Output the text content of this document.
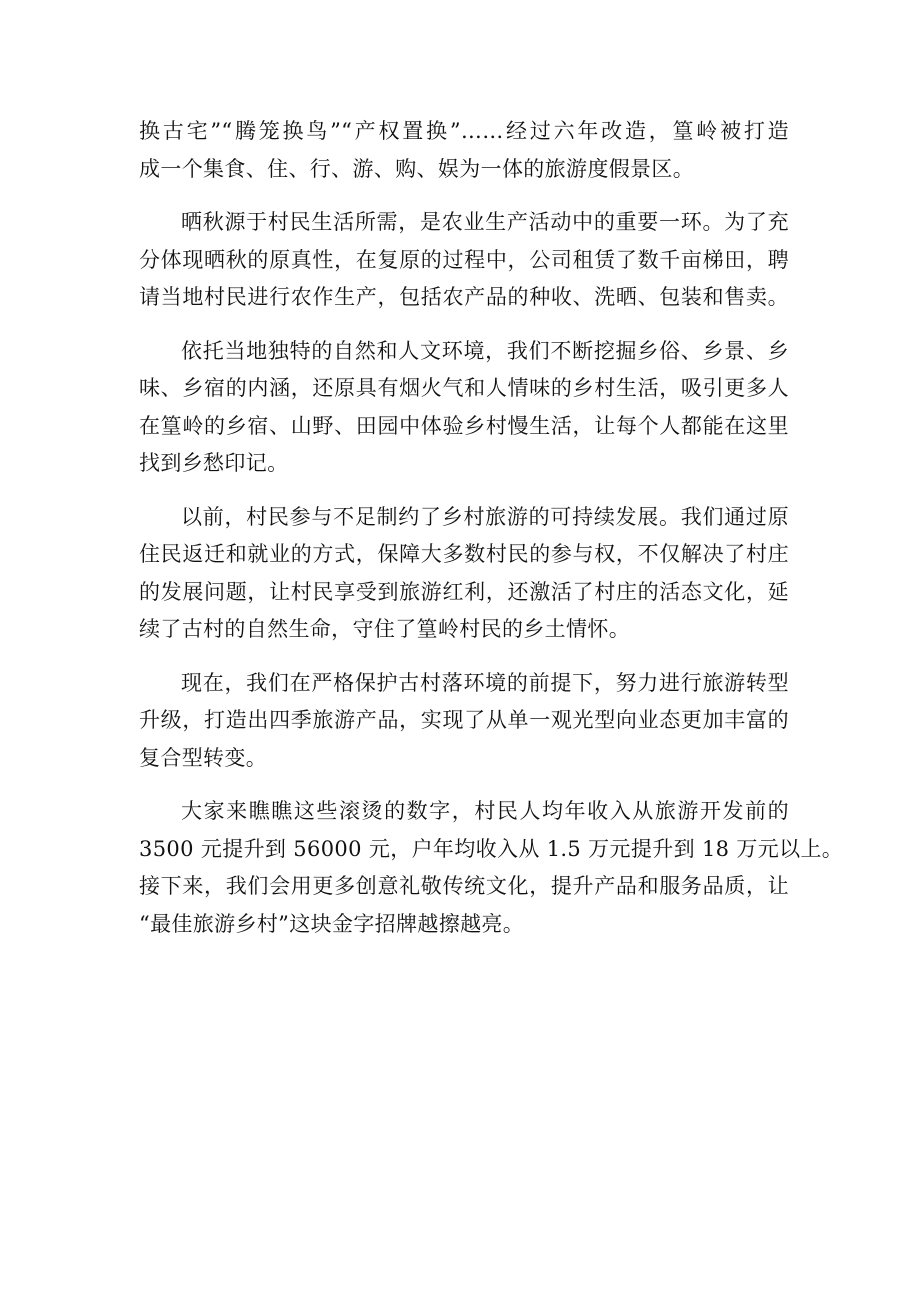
换古宅”“腾笼换鸟”“产权置换”……经过六年改造，篁岭被打造
成一个集食、住、行、游、购、娱为一体的旅游度假景区。

晒秋源于村民生活所需，是农业生产活动中的重要一环。为了充
分体现晒秋的原真性，在复原的过程中，公司租赁了数千亩梯田，聘
请当地村民进行农作生产，包括农产品的种收、洗晒、包装和售卖。

依托当地独特的自然和人文环境，我们不断挖掘乡俗、乡景、乡
味、乡宿的内涵，还原具有烟火气和人情味的乡村生活，吸引更多人
在篁岭的乡宿、山野、田园中体验乡村慢生活，让每个人都能在这里
找到乡愁印记。

以前，村民参与不足制约了乡村旅游的可持续发展。我们通过原
住民返迁和就业的方式，保障大多数村民的参与权，不仅解决了村庄
的发展问题，让村民享受到旅游红利，还激活了村庄的活态文化，延
续了古村的自然生命，守住了篁岭村民的乡土情怀。

现在，我们在严格保护古村落环境的前提下，努力进行旅游转型
升级，打造出四季旅游产品，实现了从单一观光型向业态更加丰富的
复合型转变。

大家来瞧瞧这些滚烫的数字，村民人均年收入从旅游开发前的
3500 元提升到 56000 元，户年均收入从 1.5 万元提升到 18 万元以上。
接下来，我们会用更多创意礼敬传统文化，提升产品和服务品质，让
“最佳旅游乡村”这块金字招牌越擦越亮。
